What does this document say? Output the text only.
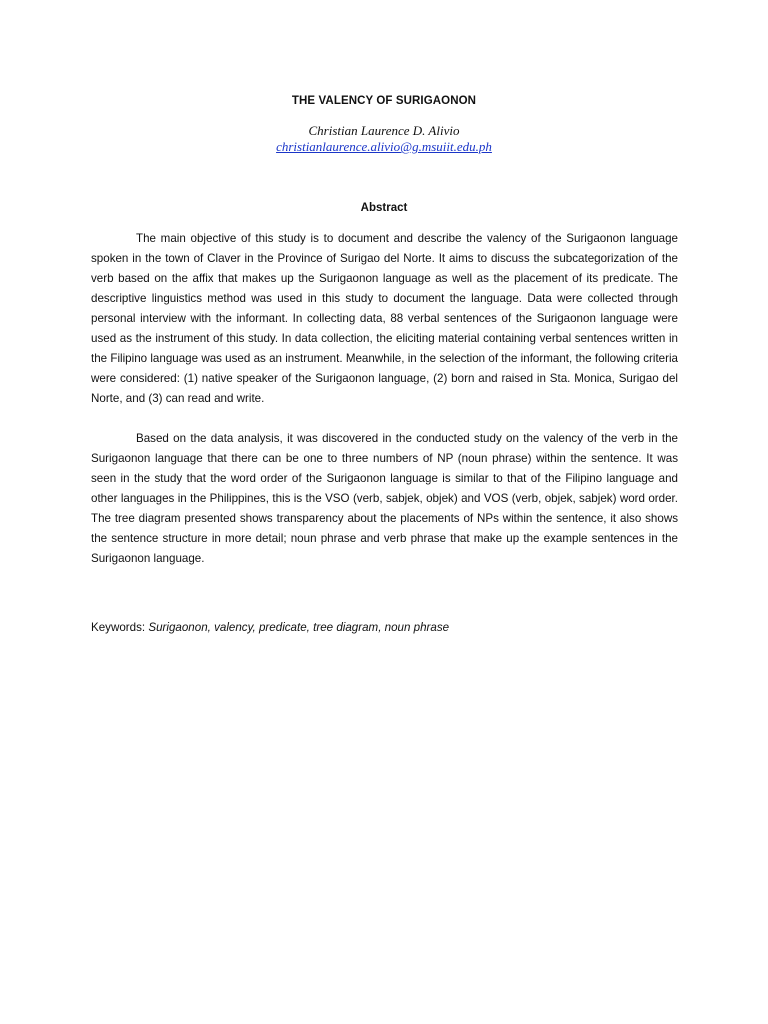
THE VALENCY OF SURIGAONON
Christian Laurence D. Alivio
christianlaurence.alivio@g.msuiit.edu.ph
Abstract

The main objective of this study is to document and describe the valency of the Surigaonon language spoken in the town of Claver in the Province of Surigao del Norte. It aims to discuss the subcategorization of the verb based on the affix that makes up the Surigaonon language as well as the placement of its predicate. The descriptive linguistics method was used in this study to document the language. Data were collected through personal interview with the informant. In collecting data, 88 verbal sentences of the Surigaonon language were used as the instrument of this study. In data collection, the eliciting material containing verbal sentences written in the Filipino language was used as an instrument. Meanwhile, in the selection of the informant, the following criteria were considered: (1) native speaker of the Surigaonon language, (2) born and raised in Sta. Monica, Surigao del Norte, and (3) can read and write.

Based on the data analysis, it was discovered in the conducted study on the valency of the verb in the Surigaonon language that there can be one to three numbers of NP (noun phrase) within the sentence. It was seen in the study that the word order of the Surigaonon language is similar to that of the Filipino language and other languages in the Philippines, this is the VSO (verb, sabjek, objek) and VOS (verb, objek, sabjek) word order. The tree diagram presented shows transparency about the placements of NPs within the sentence, it also shows the sentence structure in more detail; noun phrase and verb phrase that make up the example sentences in the Surigaonon language.

Keywords: Surigaonon, valency, predicate, tree diagram, noun phrase
